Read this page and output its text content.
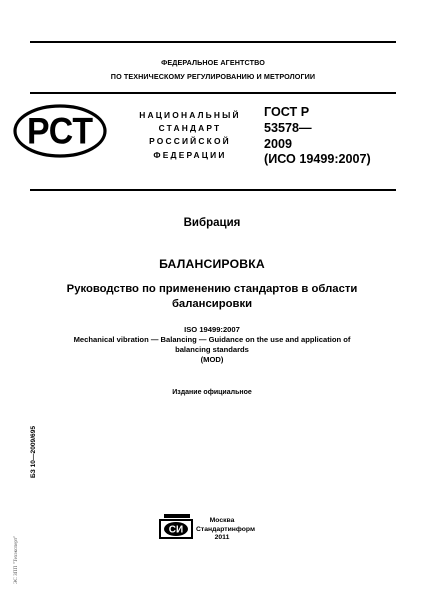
ФЕДЕРАЛЬНОЕ АГЕНТСТВО
ПО ТЕХНИЧЕСКОМУ РЕГУЛИРОВАНИЮ И МЕТРОЛОГИИ
РСТ	НАЦИОНАЛЬНЫЙ
СТАНДАРТ
РОССИЙСКОЙ
ФЕДЕРАЦИИ
ГОСТ Р
53578—
2009
(ИСО 19499:2007)
Вибрация
БАЛАНСИРОВКА
Руководство по применению стандартов в области
балансировки
ISO 19499:2007
Mechanical vibration — Balancing — Guidance on the use and application of
balancing standards
(MOD)
Издание официальное
БЗ 10—2009/695
ЭС ЗПП "Техэксперт"
СИ
Москва
Стандартинформ
2011
